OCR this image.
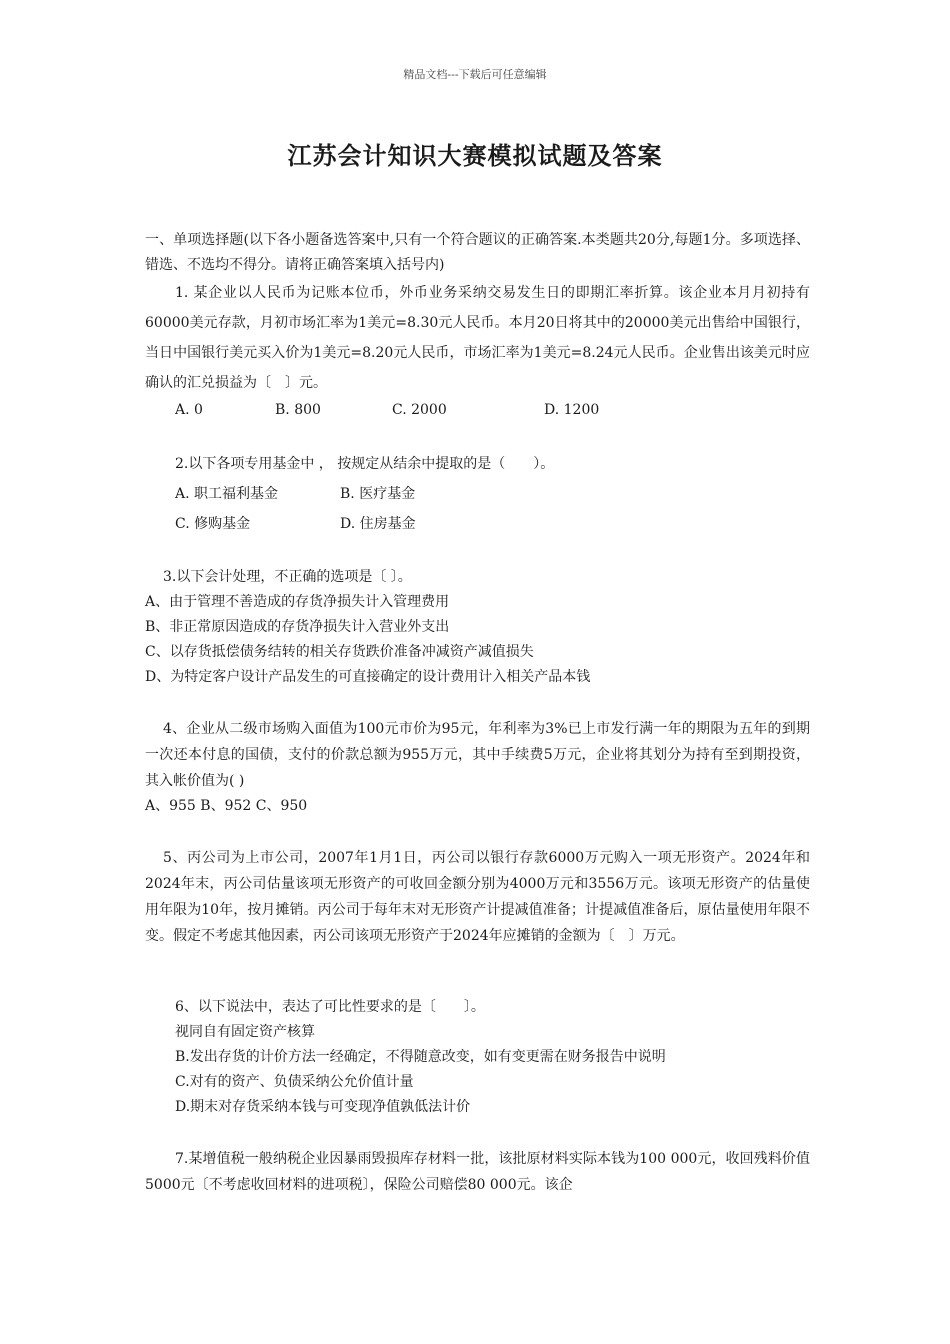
精品文档---下载后可任意编辑
江苏会计知识大赛模拟试题及答案

一、单项选择题(以下各小题备选答案中,只有一个符合题议的正确答案.本类题共20分,每题1分。多项选择、错选、不选均不得分。请将正确答案填入括号内)

1. 某企业以人民币为记账本位币，外币业务采纳交易发生日的即期汇率折算。该企业本月月初持有60000美元存款，月初市场汇率为1美元=8.30元人民币。本月20日将其中的20000美元出售给中国银行，当日中国银行美元买入价为1美元=8.20元人民币，市场汇率为1美元=8.24元人民币。企业售出该美元时应确认的汇兑损益为〔　〕元。

A. 0	B. 800	C. 2000	D. 1200

2.以下各项专用基金中 ， 按规定从结余中提取的是（　　）。

A. 职工福利基金	B. 医疗基金
C. 修购基金	D. 住房基金

3.以下会计处理，不正确的选项是〔 〕。

A、由于管理不善造成的存货净损失计入管理费用

B、非正常原因造成的存货净损失计入营业外支出

C、以存货抵偿债务结转的相关存货跌价准备冲减资产减值损失

D、为特定客户设计产品发生的可直接确定的设计费用计入相关产品本钱

4、企业从二级市场购入面值为100元市价为95元，年利率为3%已上市发行满一年的期限为五年的到期一次还本付息的国债，支付的价款总额为955万元，其中手续费5万元，企业将其划分为持有至到期投资，其入帐价值为( )

A、955 B、952 C、950

5、丙公司为上市公司，2007年1月1日，丙公司以银行存款6000万元购入一项无形资产。2024年和2024年末，丙公司估量该项无形资产的可收回金额分别为4000万元和3556万元。该项无形资产的估量使用年限为10年，按月摊销。丙公司于每年末对无形资产计提减值准备；计提减值准备后，原估量使用年限不变。假定不考虑其他因素，丙公司该项无形资产于2024年应摊销的金额为〔　〕万元。

6、以下说法中，表达了可比性要求的是〔　　〕。

视同自有固定资产核算

B.发出存货的计价方法一经确定，不得随意改变，如有变更需在财务报告中说明

C.对有的资产、负债采纳公允价值计量

D.期末对存货采纳本钱与可变现净值孰低法计价

7.某增值税一般纳税企业因暴雨毁损库存材料一批，该批原材料实际本钱为100 000元，收回残料价值5000元〔不考虑收回材料的进项税〕，保险公司赔偿80 000元。该企
